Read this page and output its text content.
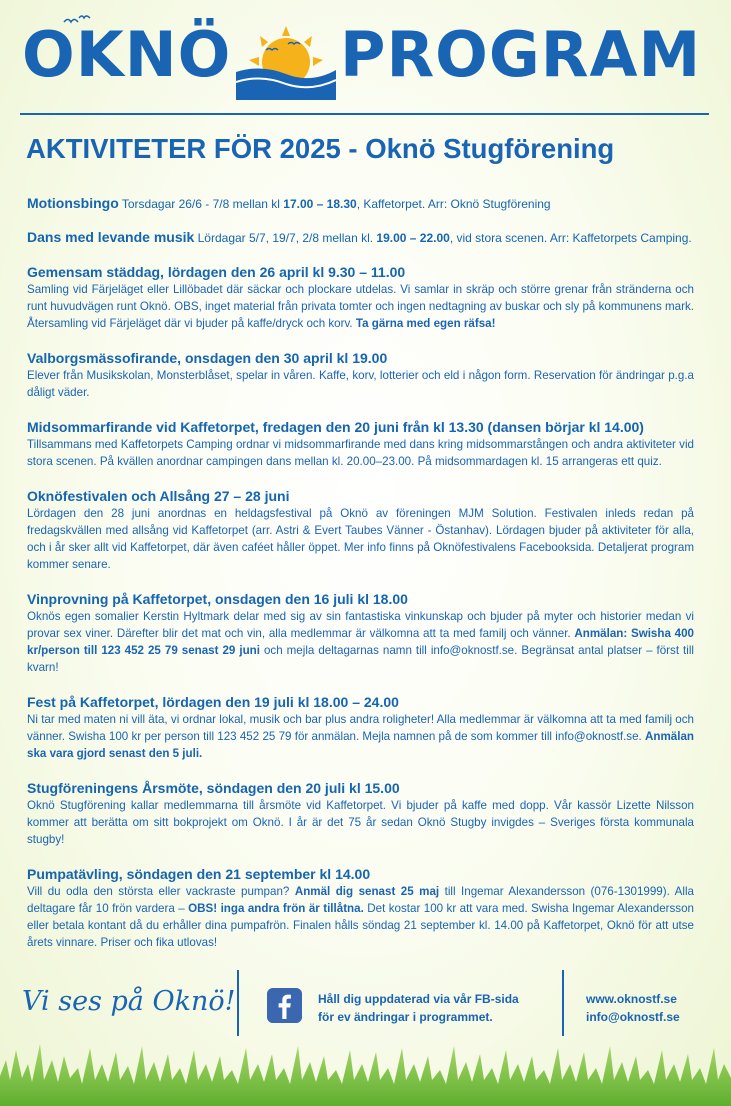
OKNÖ PROGRAM
AKTIVITETER FÖR 2025 - Oknö Stugförening
Motionsbingo Torsdagar 26/6 - 7/8 mellan kl 17.00 – 18.30, Kaffetorpet. Arr: Oknö Stugförening
Dans med levande musik Lördagar 5/7, 19/7, 2/8 mellan kl. 19.00 – 22.00, vid stora scenen. Arr: Kaffetorpets Camping.
Gemensam städdag, lördagen den 26 april kl 9.30 – 11.00
Samling vid Färjeläget eller Lillöbadet där säckar och plockare utdelas. Vi samlar in skräp och större grenar från stränderna och runt huvudvägen runt Oknö. OBS, inget material från privata tomter och ingen nedtagning av buskar och sly på kommunens mark. Återsamling vid Färjeläget där vi bjuder på kaffe/dryck och korv. Ta gärna med egen räfsa!
Valborgsmässofirande, onsdagen den 30 april kl 19.00
Elever från Musikskolan, Monsterblåset, spelar in våren. Kaffe, korv, lotterier och eld i någon form. Reservation för ändringar p.g.a dåligt väder.
Midsommarfirande vid Kaffetorpet, fredagen den 20 juni från kl 13.30 (dansen börjar kl 14.00)
Tillsammans med Kaffetorpets Camping ordnar vi midsommarfirande med dans kring midsommarstången och andra aktiviteter vid stora scenen. På kvällen anordnar campingen dans mellan kl. 20.00–23.00. På midsommardagen kl. 15 arrangeras ett quiz.
Oknöfestivalen och Allsång 27 – 28 juni
Lördagen den 28 juni anordnas en heldagsfestival på Oknö av föreningen MJM Solution. Festivalen inleds redan på fredagskvällen med allsång vid Kaffetorpet (arr. Astri & Evert Taubes Vänner - Östanhav). Lördagen bjuder på aktiviteter för alla, och i år sker allt vid Kaffetorpet, där även caféet håller öppet. Mer info finns på Oknöfestivalens Facebooksida. Detaljerat program kommer senare.
Vinprovning på Kaffetorpet, onsdagen den 16 juli kl 18.00
Oknös egen somalier Kerstin Hyltmark delar med sig av sin fantastiska vinkunskap och bjuder på myter och historier medan vi provar sex viner. Därefter blir det mat och vin, alla medlemmar är välkomna att ta med familj och vänner. Anmälan: Swisha 400 kr/person till 123 452 25 79 senast 29 juni och mejla deltagarnas namn till info@oknostf.se. Begränsat antal platser – först till kvarn!
Fest på Kaffetorpet, lördagen den 19 juli kl 18.00 – 24.00
Ni tar med maten ni vill äta, vi ordnar lokal, musik och bar plus andra roligheter! Alla medlemmar är välkomna att ta med familj och vänner. Swisha 100 kr per person till 123 452 25 79 för anmälan. Mejla namnen på de som kommer till info@oknostf.se. Anmälan ska vara gjord senast den 5 juli.
Stugföreningens Årsmöte, söndagen den 20 juli kl 15.00
Oknö Stugförening kallar medlemmarna till årsmöte vid Kaffetorpet. Vi bjuder på kaffe med dopp. Vår kassör Lizette Nilsson kommer att berätta om sitt bokprojekt om Oknö. I år är det 75 år sedan Oknö Stugby invigdes – Sveriges första kommunala stugby!
Pumpatävling, söndagen den 21 september kl 14.00
Vill du odla den största eller vackraste pumpan? Anmäl dig senast 25 maj till Ingemar Alexandersson (076-1301999). Alla deltagare får 10 frön vardera – OBS! inga andra frön är tillåtna. Det kostar 100 kr att vara med. Swisha Ingemar Alexandersson eller betala kontant då du erhåller dina pumpafrön. Finalen hålls söndag 21 september kl. 14.00 på Kaffetorpet, Oknö för att utse årets vinnare. Priser och fika utlovas!
Vi ses på Oknö!	Håll dig uppdaterad via vår FB-sida
för ev ändringar i programmet.
www.oknostf.se
info@oknostf.se
